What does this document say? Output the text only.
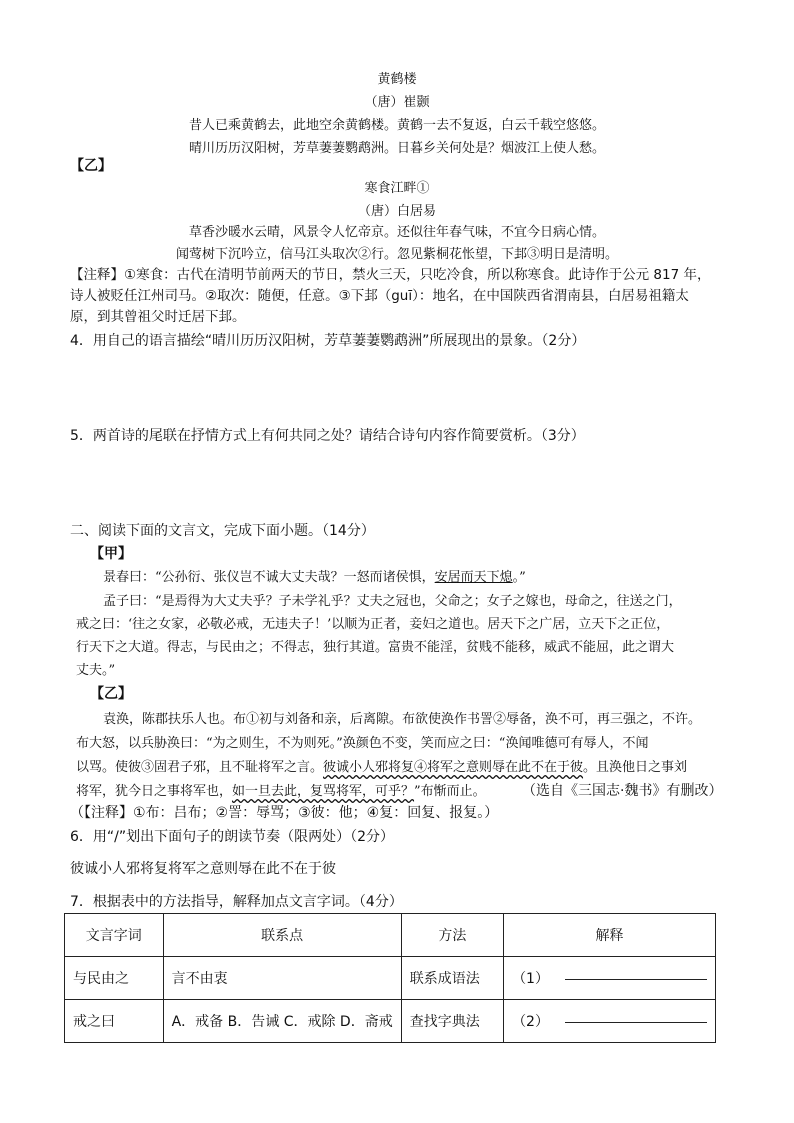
黄鹤楼
（唐）崔颢
昔人已乘黄鹤去，此地空余黄鹤楼。黄鹤一去不复返，白云千载空悠悠。
晴川历历汉阳树，芳草萋萋鹦鹉洲。日暮乡关何处是？烟波江上使人愁。
【乙】
寒食江畔①
（唐）白居易
草香沙暖水云晴，风景令人忆帝京。还似往年春气味，不宜今日病心情。
闻莺树下沉吟立，信马江头取次②行。忽见紫桐花怅望，下邽③明日是清明。
【注释】①寒食：古代在清明节前两天的节日，禁火三天，只吃冷食，所以称寒食。此诗作于公元 817 年，
诗人被贬任江州司马。②取次：随便，任意。③下邽（guī）：地名，在中国陕西省渭南县，白居易祖籍太
原，到其曾祖父时迁居下邽。
4．用自己的语言描绘“晴川历历汉阳树，芳草萋萋鹦鹉洲”所展现出的景象。（2分）
5．两首诗的尾联在抒情方式上有何共同之处？请结合诗句内容作简要赏析。（3分）
二、阅读下面的文言文，完成下面小题。（14分）
【甲】
景春曰：“公孙衍、张仪岂不诚大丈夫哉？一怒而诸侯惧，安居而天下熄。”
孟子曰：“是焉得为大丈夫乎？子未学礼乎？丈夫之冠也，父命之；女子之嫁也，母命之，往送之门，
戒之曰：‘往之女家，必敬必戒，无违夫子！’以顺为正者，妾妇之道也。居天下之广居，立天下之正位，
行天下之大道。得志，与民由之；不得志，独行其道。富贵不能淫，贫贱不能移，威武不能屈，此之谓大
丈夫。”
【乙】
袁涣，陈郡扶乐人也。布①初与刘备和亲，后离隙。布欲使涣作书詈②辱备，涣不可，再三强之，不许。
布大怒，以兵胁涣曰：“为之则生，不为则死。”涣颜色不变，笑而应之曰：“涣闻唯德可有辱人，不闻
以骂。使彼③固君子邪，且不耻将军之言。彼诚小人邪将复④将军之意则辱在此不在于彼。且涣他日之事刘
将军，犹今日之事将军也，如一旦去此，复骂将军，可乎？”布惭而止。	（选自《三国志·魏书》有删改）
（【注释】①布：吕布；②詈：辱骂；③彼：他；④复：回复、报复。）
6．用“/”划出下面句子的朗读节奏（限两处）（2分）
彼诚小人邪将复将军之意则辱在此不在于彼
7．根据表中的方法指导，解释加点文言字词。（4分）
文言字词	联系点	方法	解释
与民由之	言不由衷	联系成语法	（1）
戒之曰	A．戒备 B．告诫 C．戒除 D．斋戒	查找字典法	（2）
